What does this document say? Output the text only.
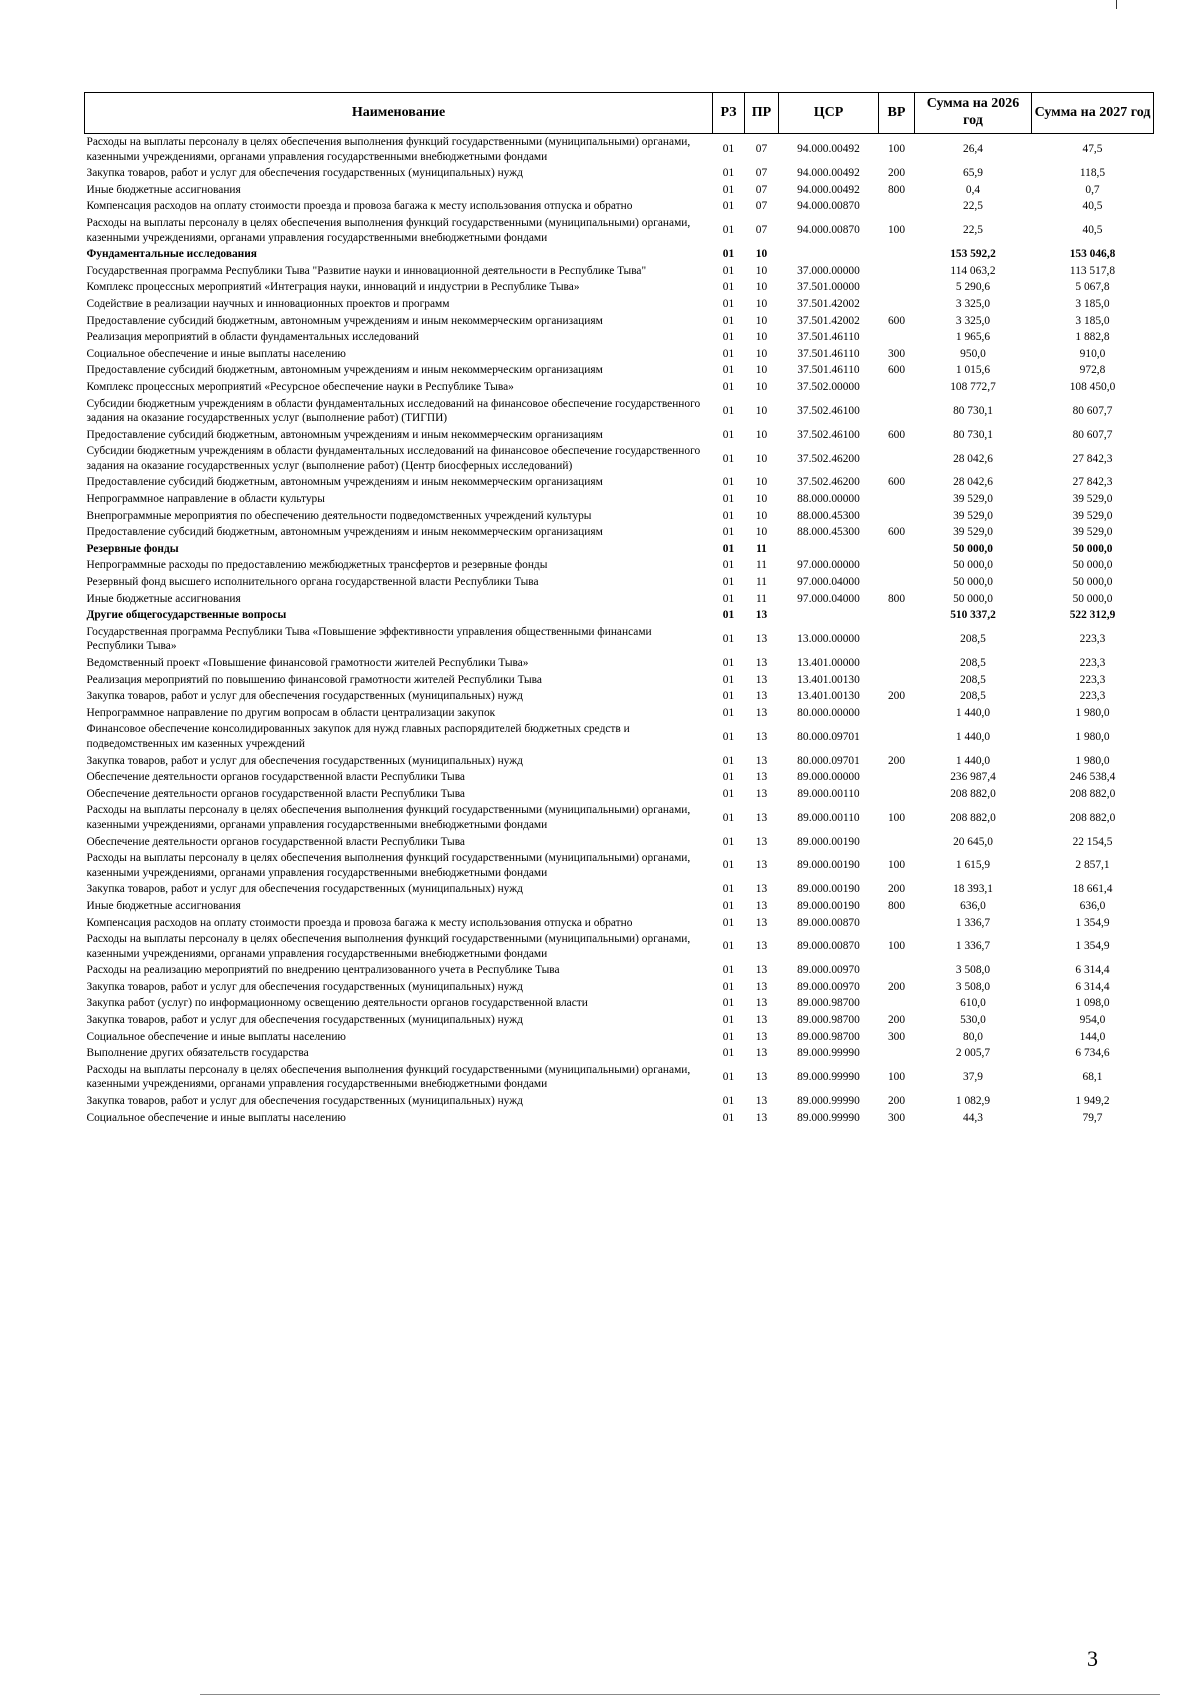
Наименование	РЗ	ПР	ЦСР	ВР	Сумма на 2026 год	Сумма на 2027 год
Расходы на выплаты персоналу в целях обеспечения выполнения функций государственными (муниципальными) органами, казенными учреждениями, органами управления государственными внебюджетными фондами	01	07	94.000.00492	100	26,4	47,5
Закупка товаров, работ и услуг для обеспечения государственных (муниципальных) нужд	01	07	94.000.00492	200	65,9	118,5
Иные бюджетные ассигнования	01	07	94.000.00492	800	0,4	0,7
Компенсация расходов на оплату стоимости проезда и провоза багажа к месту использования отпуска и обратно	01	07	94.000.00870		22,5	40,5
Расходы на выплаты персоналу в целях обеспечения выполнения функций государственными (муниципальными) органами, казенными учреждениями, органами управления государственными внебюджетными фондами	01	07	94.000.00870	100	22,5	40,5
Фундаментальные исследования	01	10			153 592,2	153 046,8
Государственная программа Республики Тыва "Развитие науки и инновационной деятельности в Республике Тыва"	01	10	37.000.00000		114 063,2	113 517,8
Комплекс процессных мероприятий «Интеграция науки, инноваций и индустрии в Республике Тыва»	01	10	37.501.00000		5 290,6	5 067,8
Содействие в реализации научных и инновационных проектов и программ	01	10	37.501.42002		3 325,0	3 185,0
Предоставление субсидий бюджетным, автономным учреждениям и иным некоммерческим организациям	01	10	37.501.42002	600	3 325,0	3 185,0
Реализация мероприятий в области фундаментальных исследований	01	10	37.501.46110		1 965,6	1 882,8
Социальное обеспечение и иные выплаты населению	01	10	37.501.46110	300	950,0	910,0
Предоставление субсидий бюджетным, автономным учреждениям и иным некоммерческим организациям	01	10	37.501.46110	600	1 015,6	972,8
Комплекс процессных мероприятий «Ресурсное обеспечение науки в Республике Тыва»	01	10	37.502.00000		108 772,7	108 450,0
Субсидии бюджетным учреждениям в области фундаментальных исследований на финансовое обеспечение государственного задания на оказание государственных услуг (выполнение работ) (ТИГПИ)	01	10	37.502.46100		80 730,1	80 607,7
Предоставление субсидий бюджетным, автономным учреждениям и иным некоммерческим организациям	01	10	37.502.46100	600	80 730,1	80 607,7
Субсидии бюджетным учреждениям в области фундаментальных исследований на финансовое обеспечение государственного задания на оказание государственных услуг (выполнение работ) (Центр биосферных исследований)	01	10	37.502.46200		28 042,6	27 842,3
Предоставление субсидий бюджетным, автономным учреждениям и иным некоммерческим организациям	01	10	37.502.46200	600	28 042,6	27 842,3
Непрограммное направление в области культуры	01	10	88.000.00000		39 529,0	39 529,0
Внепрограммные мероприятия по обеспечению деятельности подведомственных учреждений культуры	01	10	88.000.45300		39 529,0	39 529,0
Предоставление субсидий бюджетным, автономным учреждениям и иным некоммерческим организациям	01	10	88.000.45300	600	39 529,0	39 529,0
Резервные фонды	01	11			50 000,0	50 000,0
Непрограммные расходы по предоставлению межбюджетных трансфертов и резервные фонды	01	11	97.000.00000		50 000,0	50 000,0
Резервный фонд высшего исполнительного органа государственной власти Республики Тыва	01	11	97.000.04000		50 000,0	50 000,0
Иные бюджетные ассигнования	01	11	97.000.04000	800	50 000,0	50 000,0
Другие общегосударственные вопросы	01	13			510 337,2	522 312,9
Государственная программа Республики Тыва «Повышение эффективности управления общественными финансами Республики Тыва»	01	13	13.000.00000		208,5	223,3
Ведомственный проект «Повышение финансовой грамотности жителей Республики Тыва»	01	13	13.401.00000		208,5	223,3
Реализация мероприятий по повышению финансовой грамотности жителей Республики Тыва	01	13	13.401.00130		208,5	223,3
Закупка товаров, работ и услуг для обеспечения государственных (муниципальных) нужд	01	13	13.401.00130	200	208,5	223,3
Непрограммное направление по другим вопросам в области централизации закупок	01	13	80.000.00000		1 440,0	1 980,0
Финансовое обеспечение консолидированных закупок для нужд главных распорядителей бюджетных средств и подведомственных им казенных учреждений	01	13	80.000.09701		1 440,0	1 980,0
Закупка товаров, работ и услуг для обеспечения государственных (муниципальных) нужд	01	13	80.000.09701	200	1 440,0	1 980,0
Обеспечение деятельности органов государственной власти Республики Тыва	01	13	89.000.00000		236 987,4	246 538,4
Обеспечение деятельности органов государственной власти Республики Тыва	01	13	89.000.00110		208 882,0	208 882,0
Расходы на выплаты персоналу в целях обеспечения выполнения функций государственными (муниципальными) органами, казенными учреждениями, органами управления государственными внебюджетными фондами	01	13	89.000.00110	100	208 882,0	208 882,0
Обеспечение деятельности органов государственной власти Республики Тыва	01	13	89.000.00190		20 645,0	22 154,5
Расходы на выплаты персоналу в целях обеспечения выполнения функций государственными (муниципальными) органами, казенными учреждениями, органами управления государственными внебюджетными фондами	01	13	89.000.00190	100	1 615,9	2 857,1
Закупка товаров, работ и услуг для обеспечения государственных (муниципальных) нужд	01	13	89.000.00190	200	18 393,1	18 661,4
Иные бюджетные ассигнования	01	13	89.000.00190	800	636,0	636,0
Компенсация расходов на оплату стоимости проезда и провоза багажа к месту использования отпуска и обратно	01	13	89.000.00870		1 336,7	1 354,9
Расходы на выплаты персоналу в целях обеспечения выполнения функций государственными (муниципальными) органами, казенными учреждениями, органами управления государственными внебюджетными фондами	01	13	89.000.00870	100	1 336,7	1 354,9
Расходы на реализацию мероприятий по внедрению централизованного учета в Республике Тыва	01	13	89.000.00970		3 508,0	6 314,4
Закупка товаров, работ и услуг для обеспечения государственных (муниципальных) нужд	01	13	89.000.00970	200	3 508,0	6 314,4
Закупка работ (услуг) по информационному освещению деятельности органов государственной власти	01	13	89.000.98700		610,0	1 098,0
Закупка товаров, работ и услуг для обеспечения государственных (муниципальных) нужд	01	13	89.000.98700	200	530,0	954,0
Социальное обеспечение и иные выплаты населению	01	13	89.000.98700	300	80,0	144,0
Выполнение других обязательств государства	01	13	89.000.99990		2 005,7	6 734,6
Расходы на выплаты персоналу в целях обеспечения выполнения функций государственными (муниципальными) органами, казенными учреждениями, органами управления государственными внебюджетными фондами	01	13	89.000.99990	100	37,9	68,1
Закупка товаров, работ и услуг для обеспечения государственных (муниципальных) нужд	01	13	89.000.99990	200	1 082,9	1 949,2
Социальное обеспечение и иные выплаты населению	01	13	89.000.99990	300	44,3	79,7
3
